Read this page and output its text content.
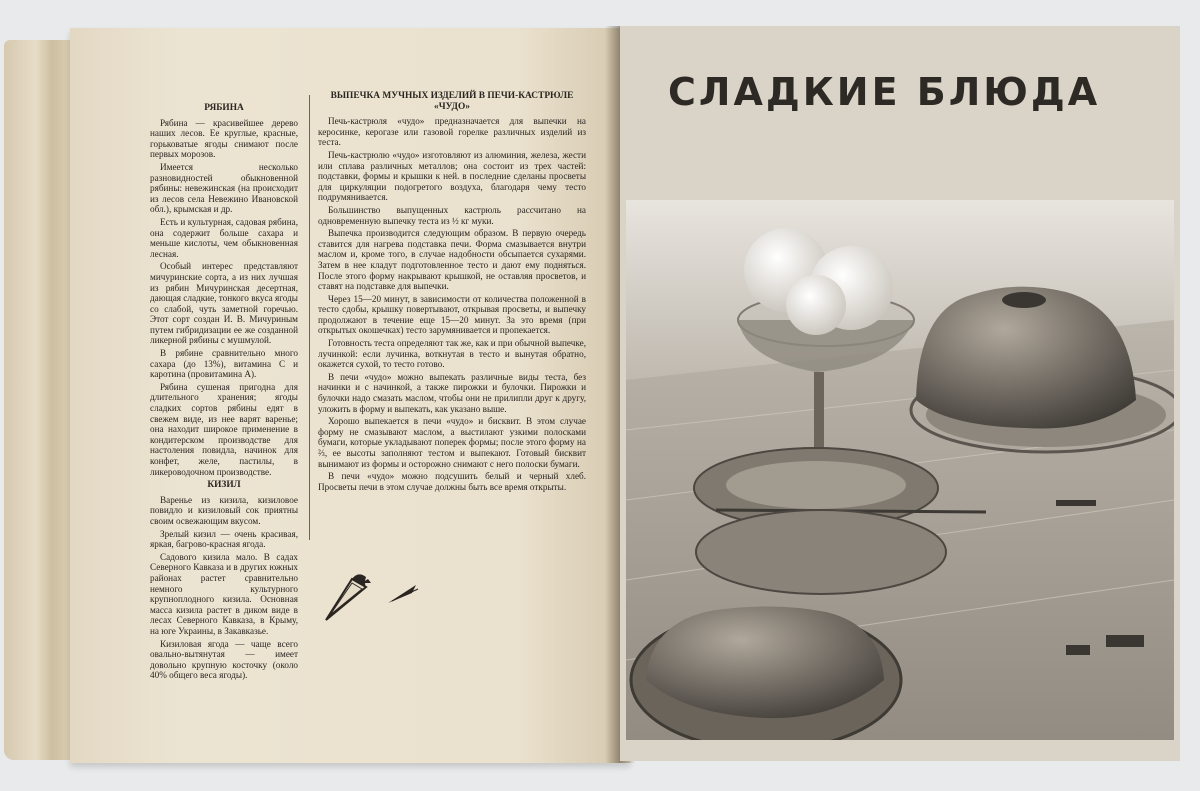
РЯБИНА

Рябина — красивейшее дерево наших лесов. Ее круглые, красные, горьковатые ягоды снимают после первых морозов.

Имеется несколько разновидностей обыкновенной рябины: невежинская (на происходит из лесов села Невежино Ивановской обл.), крымская и др.

Есть и культурная, садовая рябина, она содержит больше сахара и меньше кислоты, чем обыкновенная лесная.

Особый интерес представляют мичуринские сорта, а из них лучшая из рябин Мичуринская десертная, дающая сладкие, тонкого вкуса ягоды со слабой, чуть заметной горечью. Этот сорт создан И. В. Мичуриным путем гибридизации ее же созданной ликерной рябины с мушмулой.

В рябине сравнительно много сахара (до 13%), витамина С и каротина (провитамина А).

Рябина сушеная пригодна для длительного хранения; ягоды сладких сортов рябины едят в свежем виде, из нее варят варенье; она находит широкое применение в кондитерском производстве для настоления повидла, начинок для конфет, желе, пастилы, в ликероводочном производстве.

КИЗИЛ

Варенье из кизила, кизиловое повидло и кизиловый сок приятны своим освежающим вкусом.

Зрелый кизил — очень красивая, яркая, багрово-красная ягода.

Садового кизила мало. В садах Северного Кавказа и в других южных районах растет сравнительно немного культурного крупноплодного кизила. Основная масса кизила растет в диком виде в лесах Северного Кавказа, в Крыму, на юге Украины, в Закавказье.

Кизиловая ягода — чаще всего овально-вытянутая — имеет довольно крупную косточку (около 40% общего веса ягоды).

ВЫПЕЧКА МУЧНЫХ ИЗДЕЛИЙ В ПЕЧИ-КАСТРЮЛЕ «ЧУДО»

Печь-кастрюля «чудо» предназначается для выпечки на керосинке, керогазе или газовой горелке различных изделий из теста.

Печь-кастрюлю «чудо» изготовляют из алюминия, железа, жести или сплава различных металлов; она состоит из трех частей: подставки, формы и крышки к ней. в последние сделаны просветы для циркуляции подогретого воздуха, благодаря чему тесто подрумянивается.

Большинство выпущенных кастрюль рассчитано на одновременную выпечку теста из ½ кг муки.

Выпечка производится следующим образом. В первую очередь ставится для нагрева подставка печи. Форма смазывается внутри маслом и, кроме того, в случае надобности обсыпается сухарями. Затем в нее кладут подготовленное тесто и дают ему подняться. После этого форму накрывают крышкой, не оставляя просветов, и ставят на подставке для выпечки.

Через 15—20 минут, в зависимости от количества положенной в тесто сдобы, крышку повертывают, открывая просветы, и выпечку продолжают в течение еще 15—20 минут. За это время (при открытых окошечках) тесто зарумянивается и пропекается.

Готовность теста определяют так же, как и при обычной выпечке, лучинкой: если лучинка, воткнутая в тесто и вынутая обратно, окажется сухой, то тесто готово.

В печи «чудо» можно выпекать различные виды теста, без начинки и с начинкой, а также пирожки и булочки. Пирожки и булочки надо смазать маслом, чтобы они не прилипли друг к другу, уложить в форму и выпекать, как указано выше.

Хорошо выпекается в печи «чудо» и бисквит. В этом случае форму не смазывают маслом, а выстилают узкими полосками бумаги, которые укладывают поперек формы; после этого форму на ⅔, ее высоты заполняют тестом и выпекают. Готовый бисквит вынимают из формы и осторожно снимают с него полоски бумаги.

В печи «чудо» можно подсушить белый и черный хлеб. Просветы печи в этом случае должны быть все время открыты.

СЛАДКИЕ БЛЮДА
